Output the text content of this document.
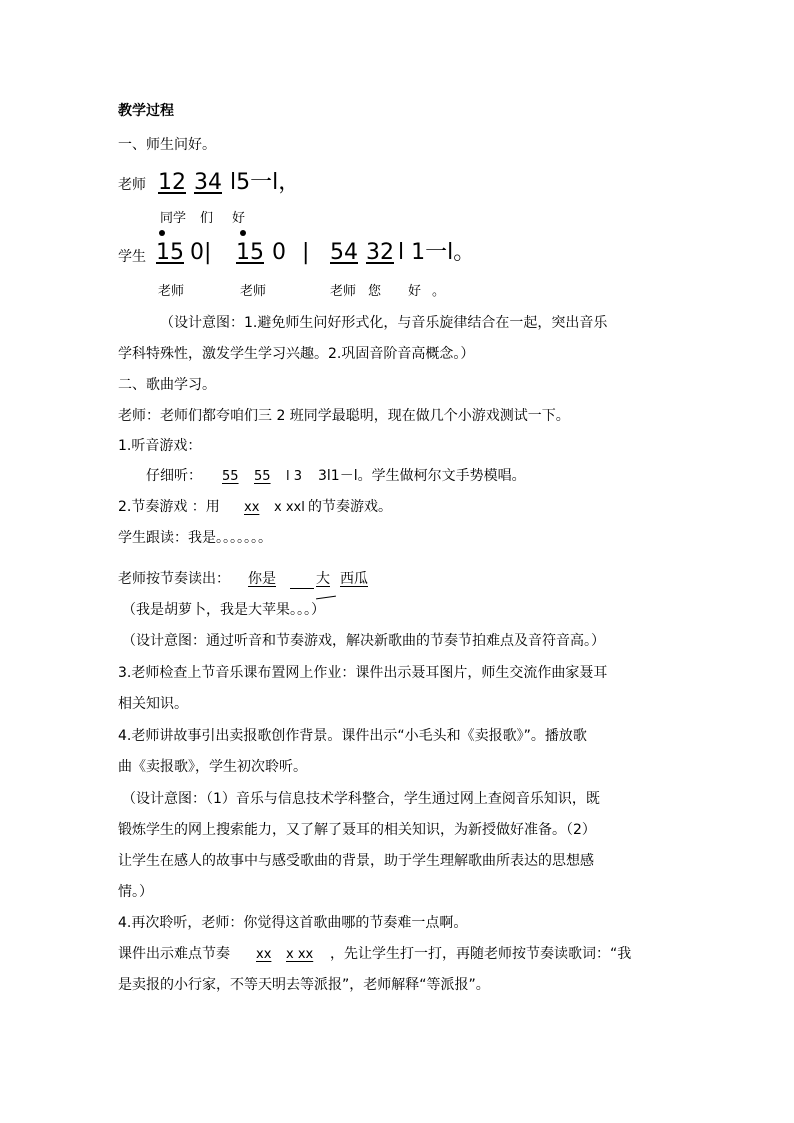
教学过程
一、师生问好。
老师 12 34 l5一l，
同学 们 好
学生 15 0| 15 0 | 54 32 l 1一l。
老师	老师	老师 您 好 。
（设计意图：1.避免师生问好形式化，与音乐旋律结合在一起，突出音乐
学科特殊性，激发学生学习兴趣。2.巩固音阶音高概念。）
二、歌曲学习。
老师：老师们都夸咱们三 2 班同学最聪明，现在做几个小游戏测试一下。
1.听音游戏：
仔细听： 55 55 l 3 3l1－l。学生做柯尔文手势模唱。
2.节奏游戏 ：用 xx x xxl 的节奏游戏。
学生跟读：我是。。。。。。。
老师按节奏读出： 你是	大 西瓜
（我是胡萝卜，我是大苹果。。。）
（设计意图：通过听音和节奏游戏，解决新歌曲的节奏节拍难点及音符音高。）
3.老师检查上节音乐课布置网上作业：课件出示聂耳图片，师生交流作曲家聂耳
相关知识。
4.老师讲故事引出卖报歌创作背景。课件出示“小毛头和《卖报歌》”。播放歌
曲《卖报歌》，学生初次聆听。
（设计意图：（1）音乐与信息技术学科整合，学生通过网上查阅音乐知识，既
锻炼学生的网上搜索能力，又了解了聂耳的相关知识，为新授做好准备。（2）
让学生在感人的故事中与感受歌曲的背景，助于学生理解歌曲所表达的思想感
情。）
4.再次聆听，老师：你觉得这首歌曲哪的节奏难一点啊。
课件出示难点节奏 xx x xx ，先让学生打一打，再随老师按节奏读歌词：“我
是卖报的小行家，不等天明去等派报”，老师解释“等派报”。
